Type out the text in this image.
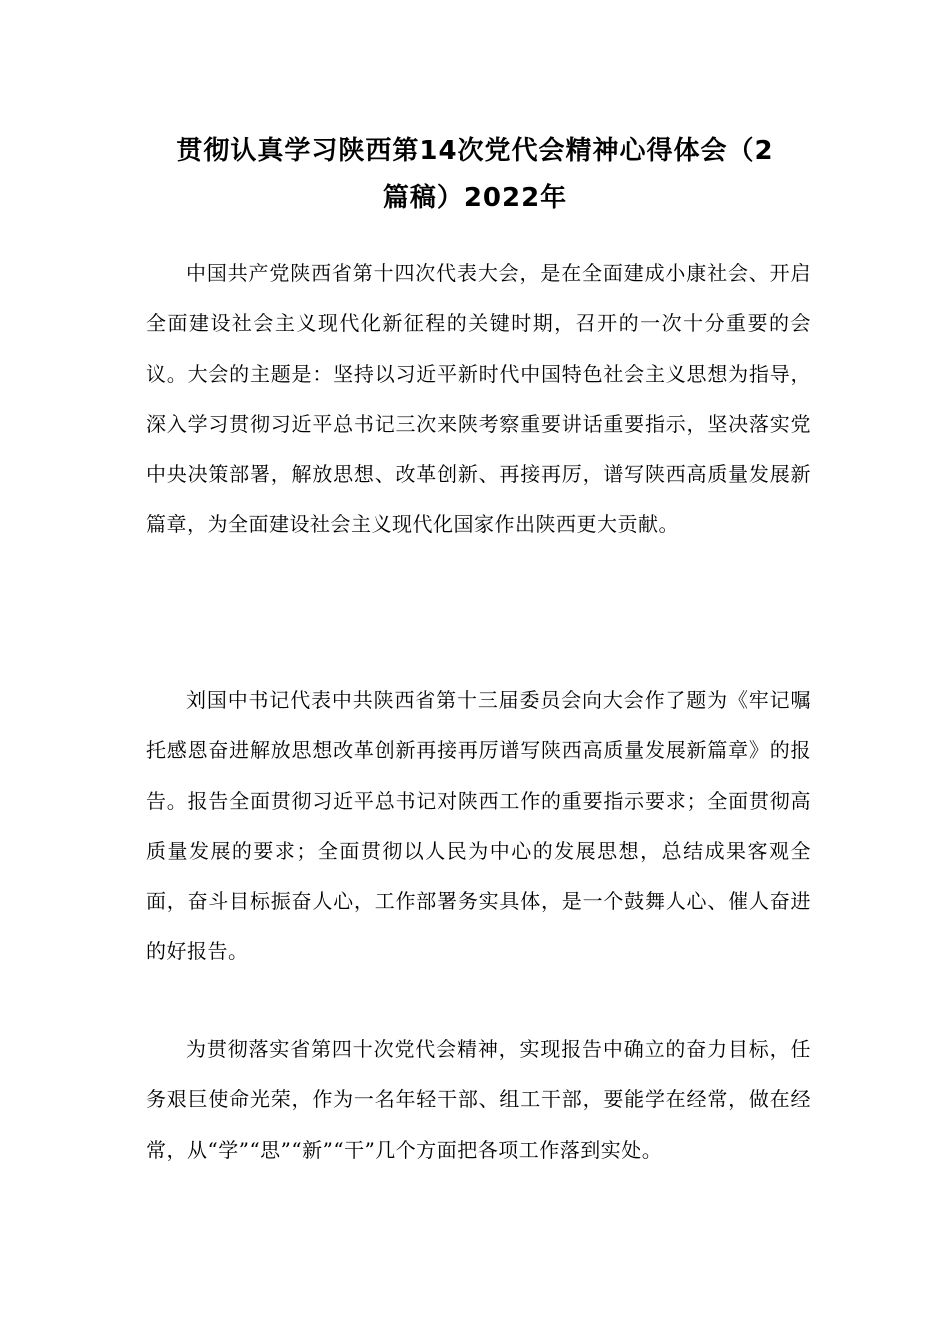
贯彻认真学习陕西第14次党代会精神心得体会（2
篇稿）2022年

中国共产党陕西省第十四次代表大会，是在全面建成小康社会、开启全面建设社会主义现代化新征程的关键时期，召开的一次十分重要的会议。大会的主题是：坚持以习近平新时代中国特色社会主义思想为指导，深入学习贯彻习近平总书记三次来陕考察重要讲话重要指示，坚决落实党中央决策部署，解放思想、改革创新、再接再厉，谱写陕西高质量发展新篇章，为全面建设社会主义现代化国家作出陕西更大贡献。

刘国中书记代表中共陕西省第十三届委员会向大会作了题为《牢记嘱托感恩奋进解放思想改革创新再接再厉谱写陕西高质量发展新篇章》的报告。报告全面贯彻习近平总书记对陕西工作的重要指示要求；全面贯彻高质量发展的要求；全面贯彻以人民为中心的发展思想，总结成果客观全面，奋斗目标振奋人心，工作部署务实具体，是一个鼓舞人心、催人奋进的好报告。

为贯彻落实省第四十次党代会精神，实现报告中确立的奋力目标，任务艰巨使命光荣，作为一名年轻干部、组工干部，要能学在经常，做在经常，从“学”“思”“新”“干”几个方面把各项工作落到实处。
